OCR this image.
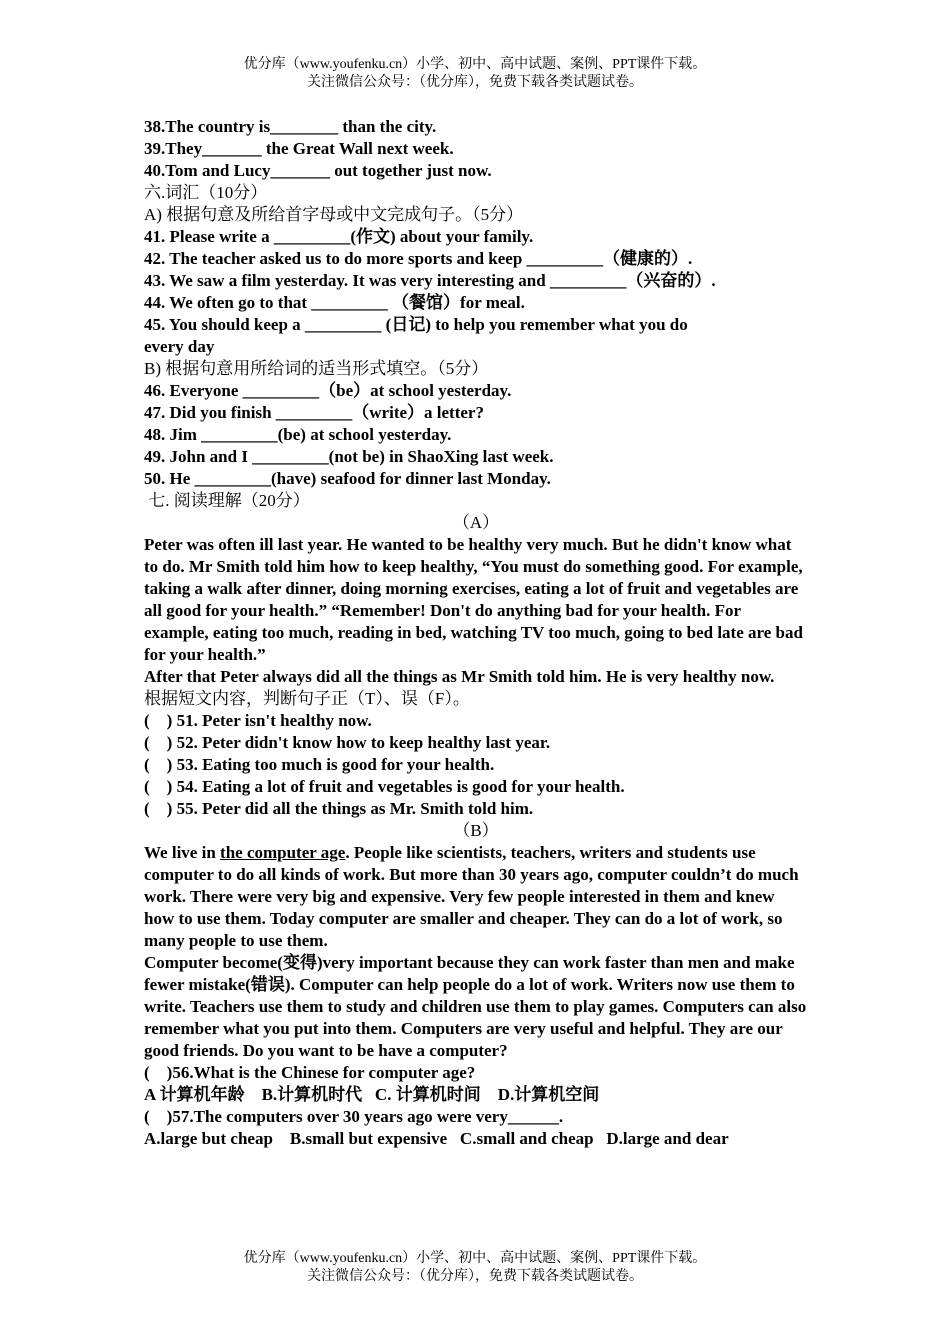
优分库（www.youfenku.cn）小学、初中、高中试题、案例、PPT课件下载。
关注微信公众号：（优分库），免费下载各类试题试卷。
38.The country is________ than the city.
39.They_______ the Great Wall next week.
40.Tom and Lucy_______ out together just now.
六.词汇（10分）
A) 根据句意及所给首字母或中文完成句子。（5分）
41. Please write a _________(作文) about your family.
42. The teacher asked us to do more sports and keep _________（健康的）.
43. We saw a film yesterday. It was very interesting and _________（兴奋的）.
44. We often go to that _________ （餐馆）for meal.
45. You should keep a _________ (日记) to help you remember what you do
every day
B) 根据句意用所给词的适当形式填空。（5分）
46. Everyone _________（be）at school yesterday.
47. Did you finish _________（write）a letter?
48. Jim _________(be) at school yesterday.
49. John and I _________(not be) in ShaoXing last week.
50. He _________(have) seafood for dinner last Monday.
七. 阅读理解（20分）
（A）
Peter was often ill last year. He wanted to be healthy very much. But he didn't know what to do. Mr Smith told him how to keep healthy, “You must do something good. For example, taking a walk after dinner, doing morning exercises, eating a lot of fruit and vegetables are all good for your health.” “Remember! Don't do anything bad for your health. For example, eating too much, reading in bed, watching TV too much, going to bed late are bad for your health.”
After that Peter always did all the things as Mr Smith told him. He is very healthy now.
根据短文内容，判断句子正（T）、误（F）。
(    ) 51. Peter isn't healthy now.
(    ) 52. Peter didn't know how to keep healthy last year.
(    ) 53. Eating too much is good for your health.
(    ) 54. Eating a lot of fruit and vegetables is good for your health.
(    ) 55. Peter did all the things as Mr. Smith told him.
（B）
We live in the computer age. People like scientists, teachers, writers and students use computer to do all kinds of work. But more than 30 years ago, computer couldn’t do much work. There were very big and expensive. Very few people interested in them and knew how to use them. Today computer are smaller and cheaper. They can do a lot of work, so many people to use them.
Computer become(变得)very important because they can work faster than men and make fewer mistake(错误). Computer can help people do a lot of work. Writers now use them to write. Teachers use them to study and children use them to play games. Computers can also remember what you put into them. Computers are very useful and helpful. They are our good friends. Do you want to be have a computer?
(    )56.What is the Chinese for computer age?
A 计算机年龄    B.计算机时代   C. 计算机时间    D.计算机空间
(    )57.The computers over 30 years ago were very______.
A.large but cheap    B.small but expensive   C.small and cheap   D.large and dear
优分库（www.youfenku.cn）小学、初中、高中试题、案例、PPT课件下载。
关注微信公众号：（优分库），免费下载各类试题试卷。
